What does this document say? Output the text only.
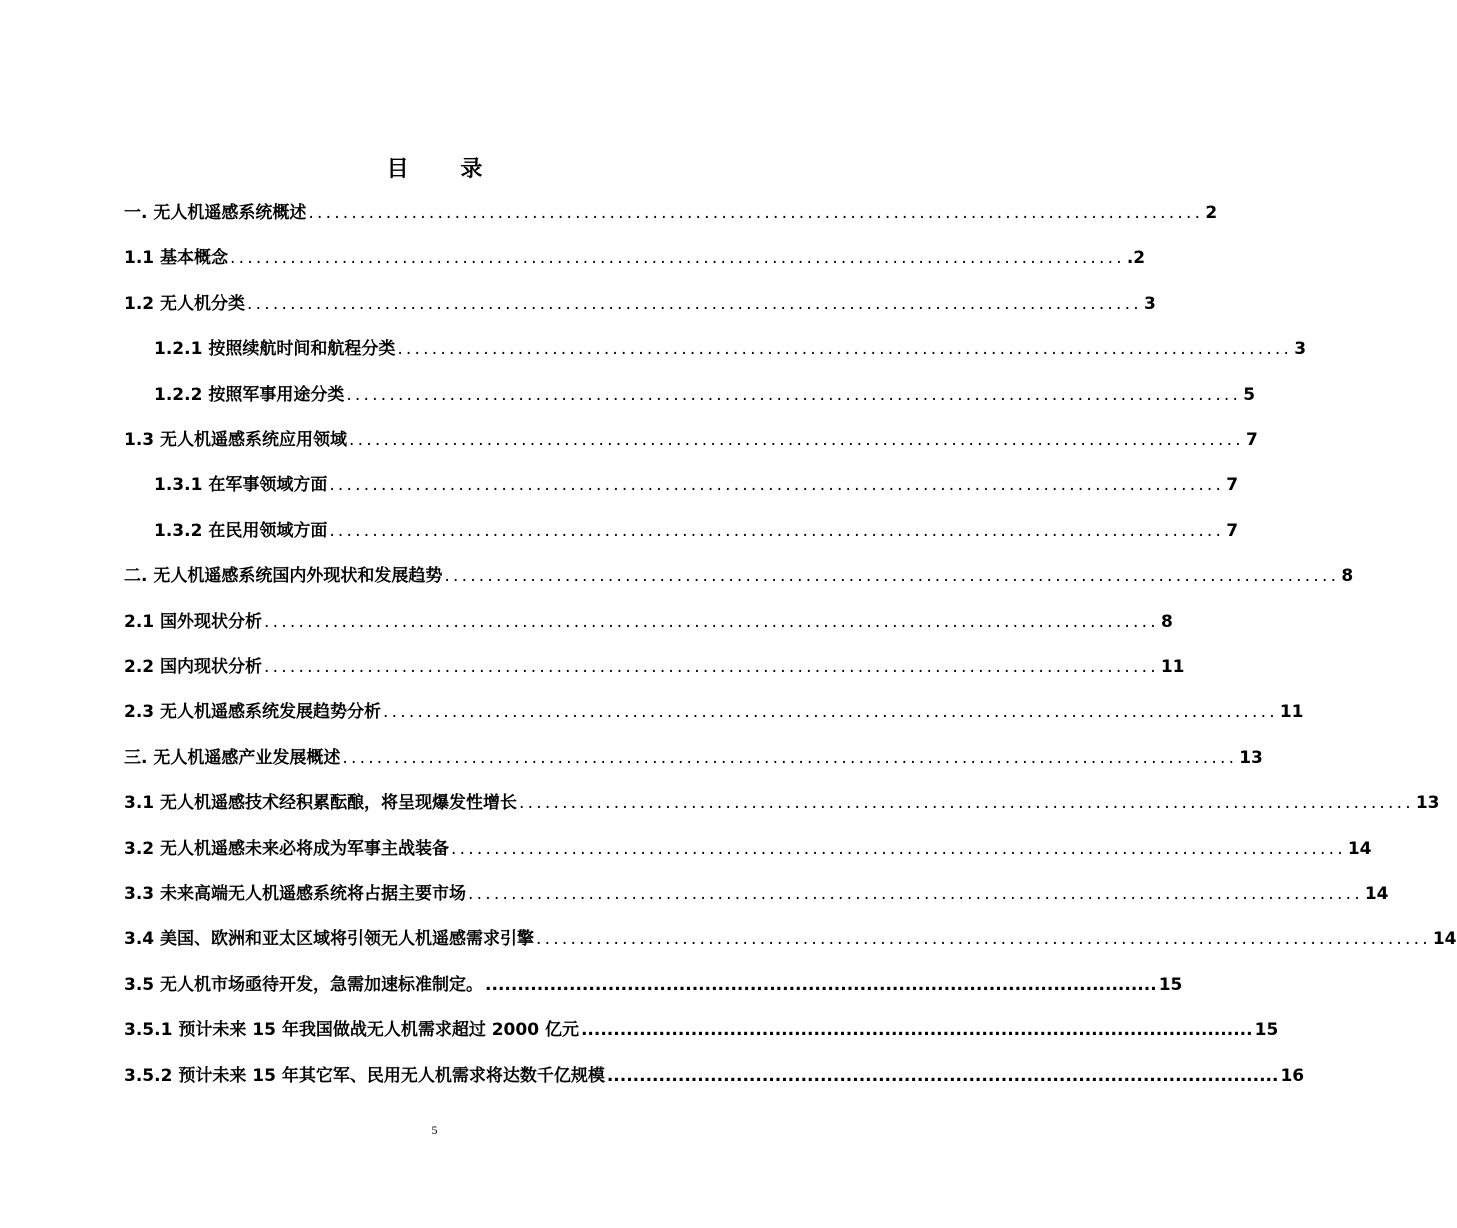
目 录
一. 无人机遥感系统概述 ........................................................................................................ 2
1.1 基本概念 ........................................................................................................ .2
1.2 无人机分类 ........................................................................................................ 3
1.2.1 按照续航时间和航程分类 ........................................................................................................ 3
1.2.2 按照军事用途分类 ........................................................................................................ 5
1.3 无人机遥感系统应用领域 ........................................................................................................ 7
1.3.1 在军事领域方面 ........................................................................................................ 7
1.3.2 在民用领域方面 ........................................................................................................ 7
二. 无人机遥感系统国内外现状和发展趋势 ........................................................................................................ 8
2.1 国外现状分析 ........................................................................................................ 8
2.2 国内现状分析 ........................................................................................................ 11
2.3 无人机遥感系统发展趋势分析 ........................................................................................................ 11
三. 无人机遥感产业发展概述 ........................................................................................................ 13
3.1 无人机遥感技术经积累酝酿，将呈现爆发性增长 ........................................................................................................ 13
3.2 无人机遥感未来必将成为军事主战装备 ........................................................................................................ 14
3.3 未来高端无人机遥感系统将占据主要市场 ........................................................................................................ 14
3.4 美国、欧洲和亚太区域将引领无人机遥感需求引擎 ........................................................................................................ 14
3.5 无人机市场亟待开发，急需加速标准制定。 ........................................................................................................ 15
3.5.1 预计未来 15 年我国做战无人机需求超过 2000 亿元 ........................................................................................................ 15
3.5.2 预计未来 15 年其它军、民用无人机需求将达数千亿规模 ........................................................................................................ 16
5
